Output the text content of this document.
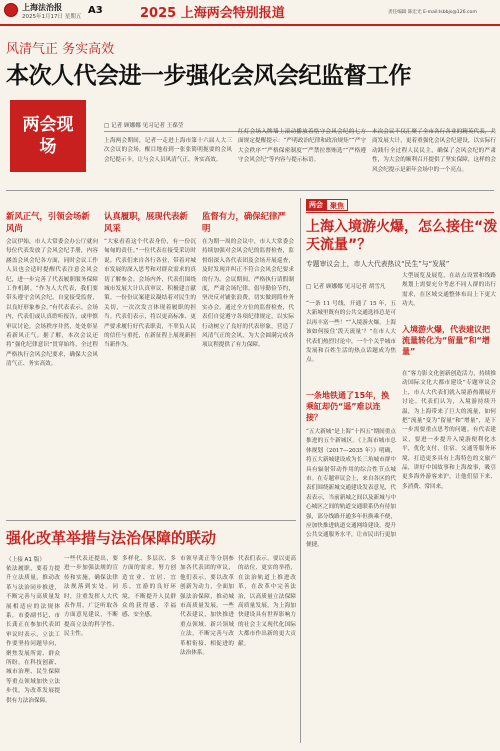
上海法治报
2025年1月17日 星期五
A3	2025 上海两会特别报道	责任编辑 陈宏光 E-mail:lsbbjs@126.com
风清气正 务实高效
本次人代会进一步强化会风会纪监督工作
两会现场
□ 记者 顾娜娜 见习记者 王葆莹
上海两会期间，记者一走进上海市第十六届人大三次会议的会场，醒目地看到一张张简明扼要的会风会纪提示卡，让与会人员风清气正、务实高效。
红灯会场入牌墙上滚动播放着恪守会风会纪的七方面规定提醒提示：“严明政治纪律和政治规矩”“严守大会秩序”“严格保密制度”“严禁拉票贿选”“严格遵守会风会纪”等内容与提示标语。
本次会议不仅汇聚了全市各行各业的精英代表，共商发展大计，更着重强化会风会纪建设，以实际行动践行全过程人民民主，确保了会风会纪的严肃性，为大会的顺利召开提供了坚实保障，这样的会风会纪提示是新年会场中的一个亮点。
新风正气，引领会场新风尚
会议伊始，市人大常委会办公厅就向每位代表发放了会风会纪手册，内容涵盖会风会纪各方面，同时会议工作人员也会适时提醒代表注意会风会纪，进一步完善了代表履职服务保障工作机制。“作为人大代表，我们要带头遵守会风会纪，自觉接受监督，以良好形象参会。”有代表表示。会场内，代表们或认真聆听报告，或审慎审议讨论，会场秩序井然，处处彰显着新风正气。据了解，本次会议还将“强化纪律意识”贯穿始终，全过程严格执行会风会纪要求，确保大会风清气正、务实高效。
认真履职，展现代表新风采
“大家看着这个代表身份，有一份沉甸甸的责任。”一位代表在接受采访时说。代表们来自各行各业，带着对城市发展的深入思考和对群众需求的真切了解参会。会场内外，代表们围绕城市发展大计认真审议、积极建言献策。一份份议案建议凝结着对民生的关切，一次次发言体现着履职的担当。代表们表示，将以更高标准、更严要求履行好代表职责，不辜负人民的信任与重托，在新征程上展现新担当新作为。
监督有力，确保纪律严明
在为期一周的会议中，市人大常委会持续加强对会风会纪的监督检查，监督组深入各代表团及会场开展巡查，及时发现并纠正不符合会风会纪要求的行为。会议期间，严格执行请假制度，严肃会场纪律，倡导勤俭节约，坚决反对铺张浪费，切实做到简朴务实办会。通过全方位的监督检查，代表们自觉遵守各项纪律规定，以实际行动树立了良好的代表形象，营造了风清气正的会风，为大会圆满完成各项议程提供了有力保障。
两会	聚焦
上海入境游火爆，怎么接住“泼天流量”？
专题审议会上，市人大代表热议“民生”与“发展”
□ 记者 顾娜娜 见习记者 胡雪凡
“一条 11 号线，开通了 15 年，五大新城里既有的公共交通选择总是可以再丰富一些！”“入境游火爆，上海该如何接住‘泼天流量’？”在市人大代表们热烈讨论中，一个个关乎城市发展和百姓生活的热点话题成为焦点。
一条地铁通了15年，换乘缸却仍“遥”难以连接？
“五大新城”是上海“十四五”期间重点推进的五个新城区。《上海市城市总体规划（2017—2035 年）》明确，将五大新城建设成为长三角城市群中具有辐射带动作用的综合性节点城市。在专题审议会上，来自各区的代表们围绕新城交通建设发表意见，代表表示，当前新城之间以及新城与中心城区之间的轨道交通联系仍有待加强，部分线路开通多年但换乘不便，应加快推进轨道交通网络建设，提升公共交通服务水平，让市民出行更加便捷。
大型展览及展览，在站点设置和线路规划上需要充分考虑不同人群的出行需求，在区域交通整体布局上下更大功夫。
入境游火爆，代表建议把流量转化为“留量”和“增量”
在“客力影文化创新创造活力，持续推动国际文化大都市建设”专题审议会上，市人大代表们就入境游热潮展开讨论。代表们认为，入境游持续升温，为上海带来了巨大的流量，如何把“流量”变为“留量”和“增量”，是下一步需要重点思考的问题。有代表建议，要进一步提升入境游便利化水平，优化支付、住宿、交通等服务环境，打造更多具有上海特色的文旅产品，讲好中国故事和上海故事，吸引更多海外游客来沪，让他们留下来、多消费、常回来。
强化改革举措与法治保障的联动
（上接 A1 版）
依法履职，要着力提升立法质量，推动改革与法治同步推进，不断完善与高质量发展相适应的法规体系。市委副书记、市长龚正在参加代表团审议时表示，立法工作要坚持问题导向，聚焦发展所需、群众所盼，在科技创新、城市治理、民生保障等重点领域加快立法步伐，为改革发展提供有力法治保障。
一些代表还提出，要进一步加强法规的宣传和实施，确保法律法规落到实处。同时，注重发挥人大代表作用，广泛听取各方面意见建议，不断提高立法的科学性、民主性。
多样化、多层次、多方面的需求，努力创造宜业、宜居、宜乐、宜游的良好环境，不断提升人民群众的获得感、幸福感、安全感。
市领导龚正等分别参加各代表团的审议，他们表示，要以改革创新为动力，全面加强法治保障，推动城市高质量发展。一些代表建议，加快推进重点领域、新兴领域立法，不断完善与改革相衔接、相促进的法治体系。
代表们表示，要以更高的站位、更实的举措，在法治轨道上推进改革，在改革中完善法治，以高质量立法保障高质量发展，为上海加快建设具有世界影响力的社会主义现代化国际大都市作出新的更大贡献。
